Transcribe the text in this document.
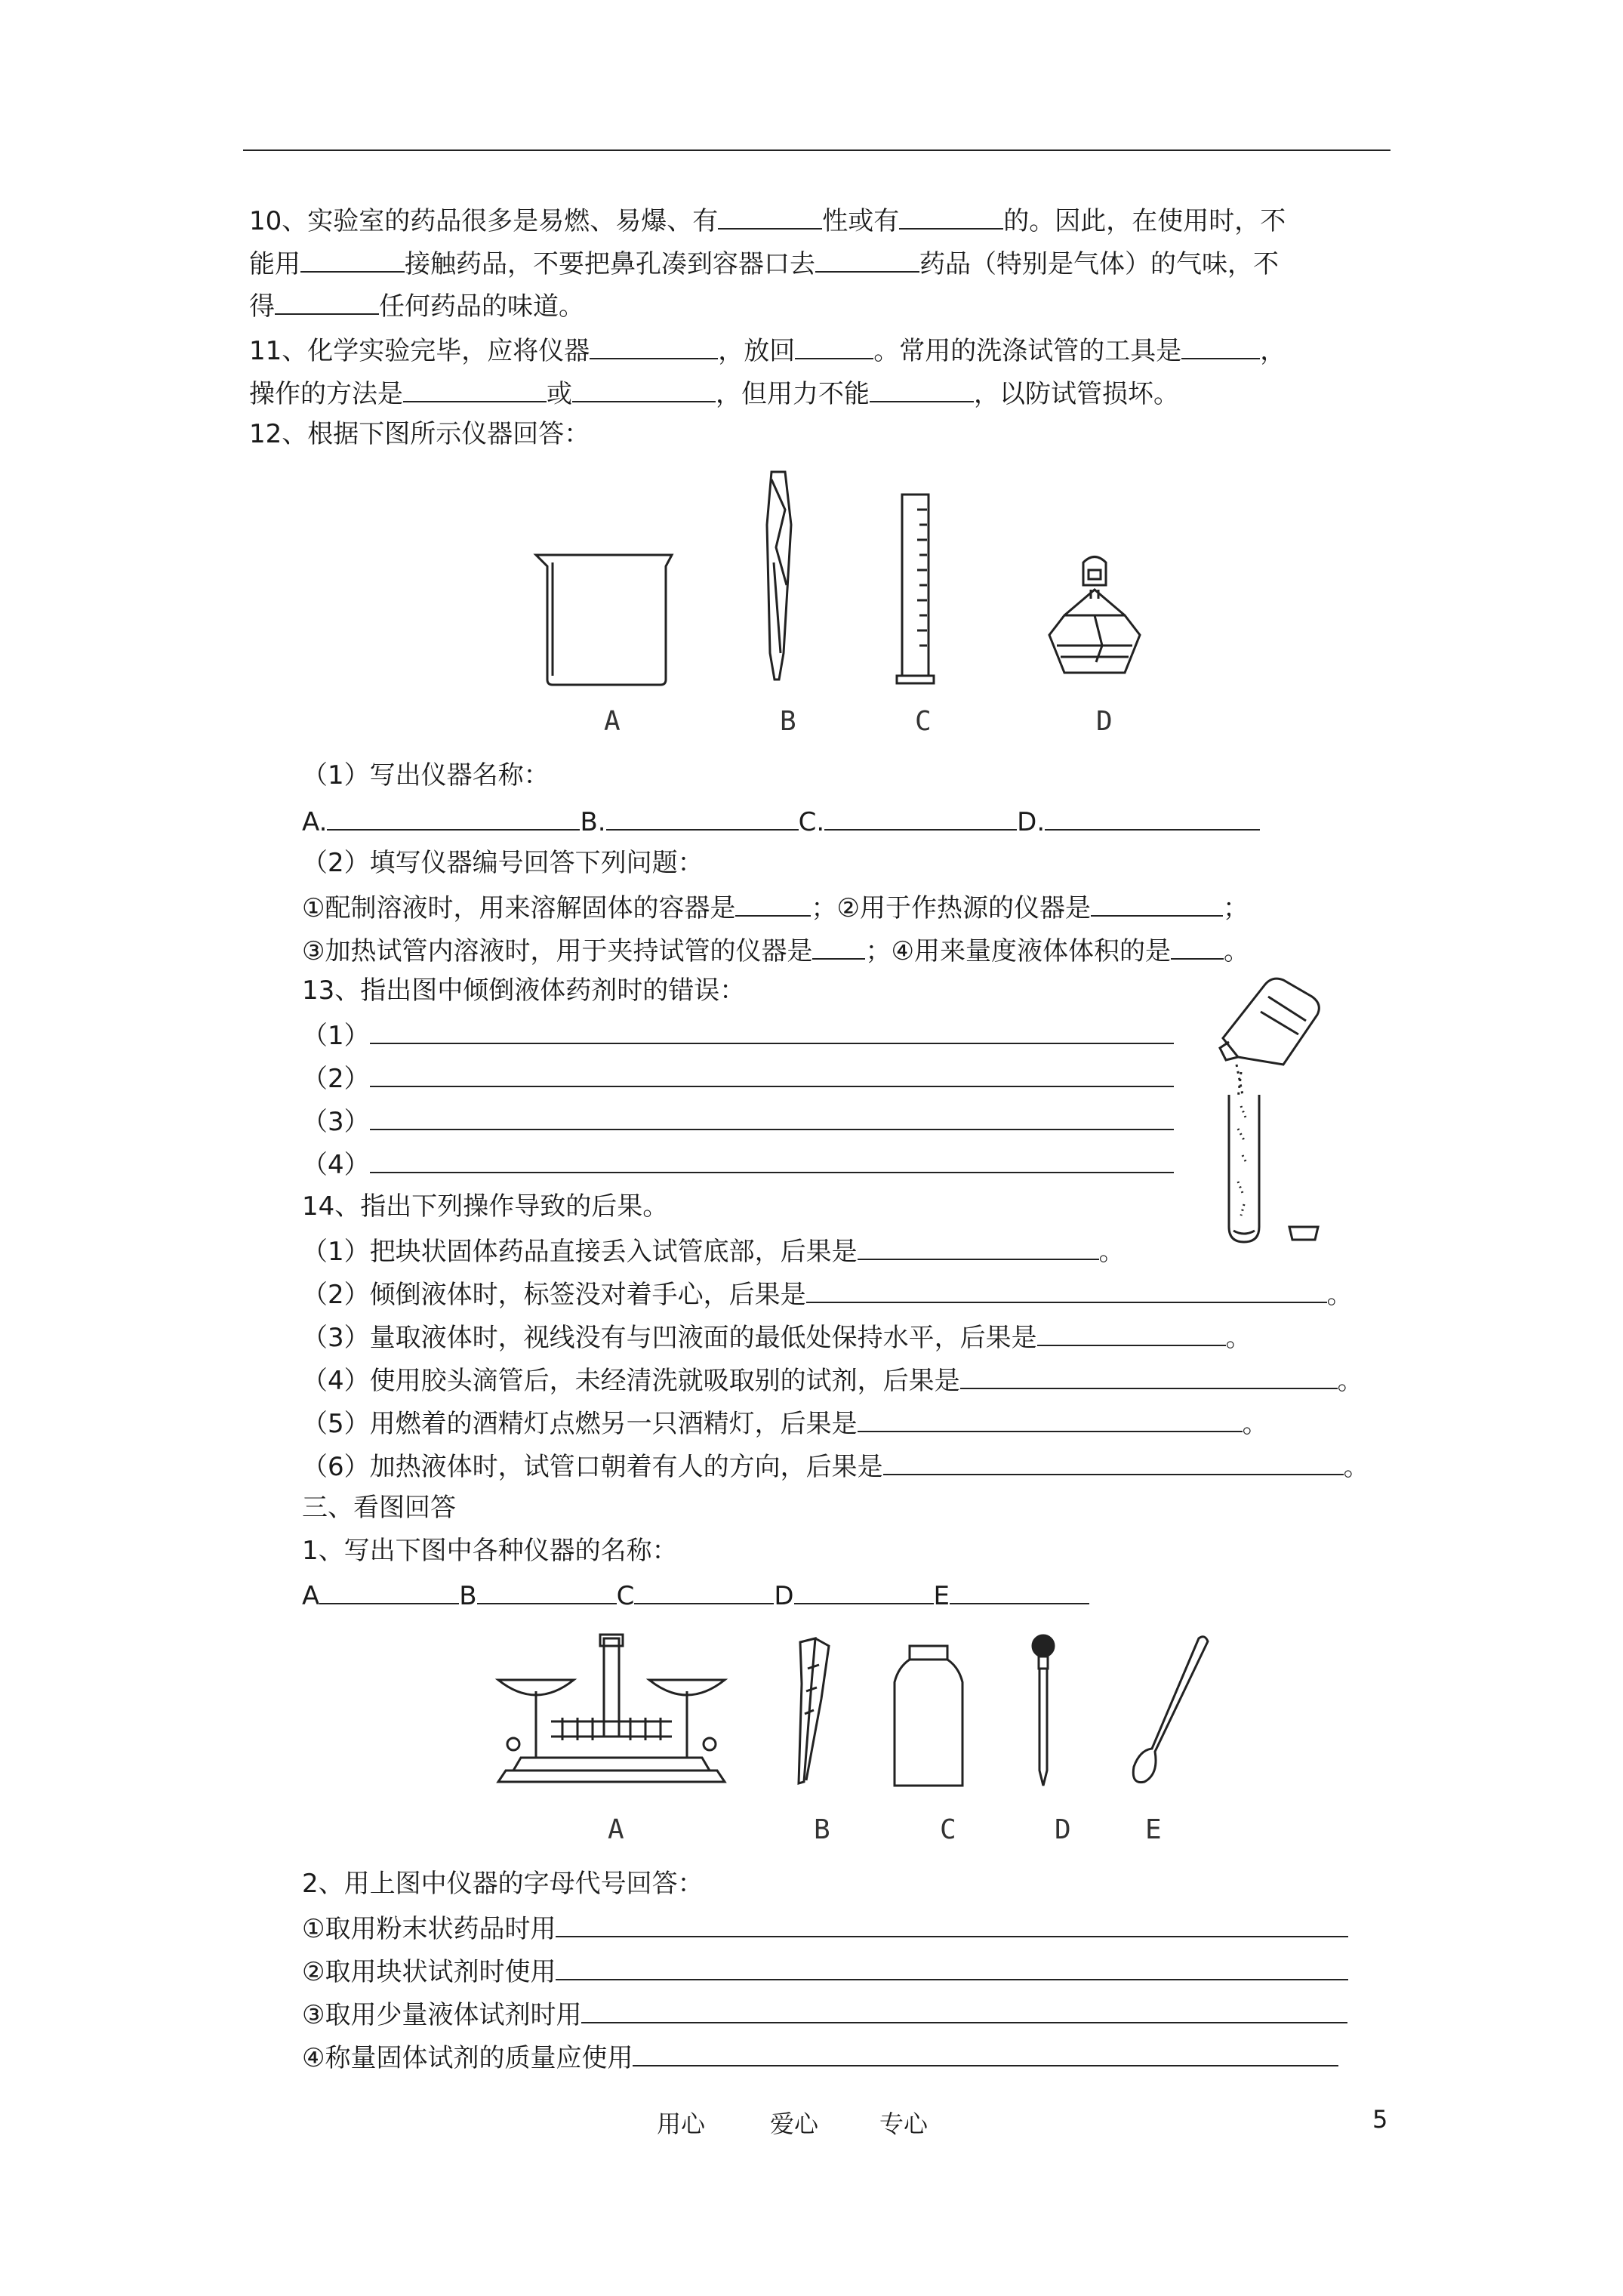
10、实验室的药品很多是易燃、易爆、有	性或有	的。因此，在使用时，不
能用	接触药品，不要把鼻孔凑到容器口去	药品（特别是气体）的气味，不
得	任何药品的味道。
11、化学实验完毕，应将仪器	，放回	。常用的洗涤试管的工具是	，
操作的方法是	或	，但用力不能	，以防试管损坏。
12、根据下图所示仪器回答：
A	B	C	D
（1）写出仪器名称：
A.	B.	C.	D.
（2）填写仪器编号回答下列问题：
①配制溶液时，用来溶解固体的容器是	；②用于作热源的仪器是	；
③加热试管内溶液时，用于夹持试管的仪器是 ；④用来量度液体体积的是 。
13、指出图中倾倒液体药剂时的错误：
（1）
（2）
（3）
（4）
14、指出下列操作导致的后果。
（1）把块状固体药品直接丢入试管底部，后果是	。
（2）倾倒液体时，标签没对着手心，后果是	。
（3）量取液体时，视线没有与凹液面的最低处保持水平，后果是	。
（4）使用胶头滴管后，未经清洗就吸取别的试剂，后果是	。
（5）用燃着的酒精灯点燃另一只酒精灯，后果是	。
（6）加热液体时，试管口朝着有人的方向，后果是	。
三、看图回答
1、写出下图中各种仪器的名称：
A	B	C	D	E
A	B	C	D	E
2、用上图中仪器的字母代号回答：
①取用粉末状药品时用
②取用块状试剂时使用
③取用少量液体试剂时用
④称量固体试剂的质量应使用
用心	爱心	专心	5
